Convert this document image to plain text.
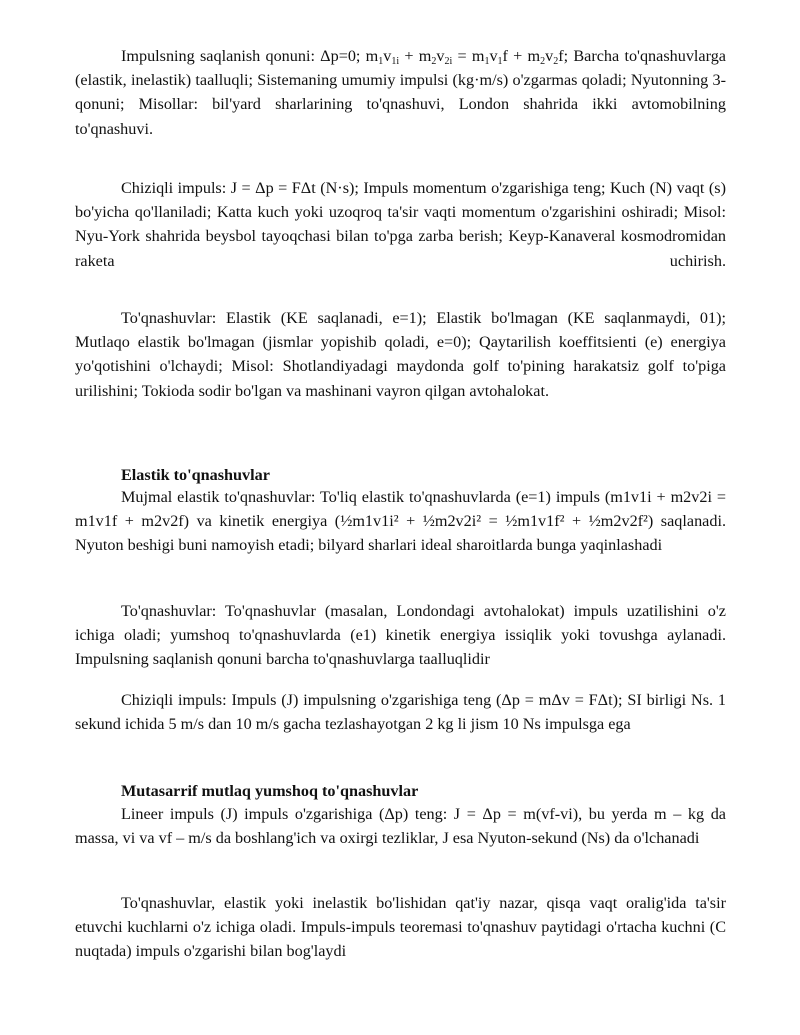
Impulsning saqlanish qonuni: Δp=0; $m_1v_{1i} + m_2v_{2i} = m_1v_1f + m_2v_2f$; Barcha to'qnashuvlarga (elastik, inelastik) taalluqli; Sistemaning umumiy impulsi (kg·m/s) o'zgarmas qoladi; Nyutonning 3-qonuni; Misollar: bil'yard sharlarining to'qnashuvi, London shahrida ikki avtomobilning to'qnashuvi.

Chiziqli impuls: J = Δp = FΔt (N·s); Impuls momentum o'zgarishiga teng; Kuch (N) vaqt (s) bo'yicha qo'llaniladi; Katta kuch yoki uzoqroq ta'sir vaqti momentum o'zgarishini oshiradi; Misol: Nyu-York shahrida beysbol tayoqchasi bilan to'pga zarba berish; Keyp-Kanaveral kosmodromidan raketa uchirish.

To'qnashuvlar: Elastik (KE saqlanadi, e=1); Elastik bo'lmagan (KE saqlanmaydi, 01); Mutlaqo elastik bo'lmagan (jismlar yopishib qoladi, e=0); Qaytarilish koeffitsienti (e) energiya yo'qotishini o'lchaydi; Misol: Shotlandiyadagi maydonda golf to'pining harakatsiz golf to'piga urilishini; Tokioda sodir bo'lgan va mashinani vayron qilgan avtohalokat.

Elastik to'qnashuvlar

Mujmal elastik to'qnashuvlar: To'liq elastik to'qnashuvlarda (e=1) impuls (m1v1i + m2v2i = m1v1f + m2v2f) va kinetik energiya (½m1v1i² + ½m2v2i² = ½m1v1f² + ½m2v2f²) saqlanadi. Nyuton beshigi buni namoyish etadi; bilyard sharlari ideal sharoitlarda bunga yaqinlashadi

To'qnashuvlar: To'qnashuvlar (masalan, Londondagi avtohalokat) impuls uzatilishini o'z ichiga oladi; yumshoq to'qnashuvlarda (e1) kinetik energiya issiqlik yoki tovushga aylanadi. Impulsning saqlanish qonuni barcha to'qnashuvlarga taalluqlidir

Chiziqli impuls: Impuls (J) impulsning o'zgarishiga teng (Δp = mΔv = FΔt); SI birligi Ns. 1 sekund ichida 5 m/s dan 10 m/s gacha tezlashayotgan 2 kg li jism 10 Ns impulsga ega

Mutasarrif mutlaq yumshoq to'qnashuvlar

Lineer impuls (J) impuls o'zgarishiga (Δp) teng: J = Δp = m(vf-vi), bu yerda m – kg da massa, vi va vf – m/s da boshlang'ich va oxirgi tezliklar, J esa Nyuton-sekund (Ns) da o'lchanadi

To'qnashuvlar, elastik yoki inelastik bo'lishidan qat'iy nazar, qisqa vaqt oralig'ida ta'sir etuvchi kuchlarni o'z ichiga oladi. Impuls-impuls teoremasi to'qnashuv paytidagi o'rtacha kuchni (C nuqtada) impuls o'zgarishi bilan bog'laydi
